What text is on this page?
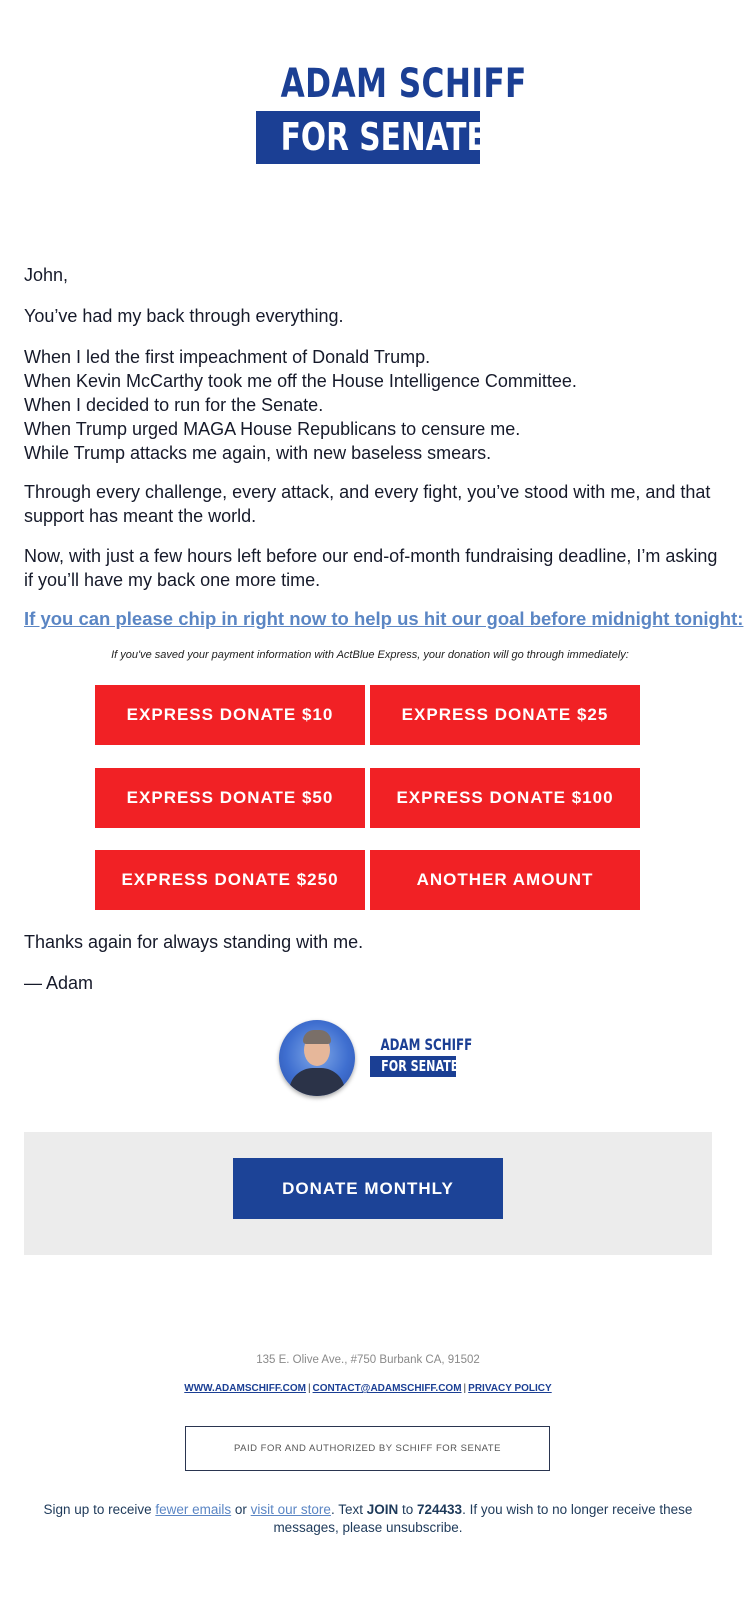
ADAM SCHIFF
FOR SENATE

John,

You’ve had my back through everything.

When I led the first impeachment of Donald Trump.
When Kevin McCarthy took me off the House Intelligence Committee.
When I decided to run for the Senate.
When Trump urged MAGA House Republicans to censure me.
While Trump attacks me again, with new baseless smears.

Through every challenge, every attack, and every fight, you’ve stood with me, and that support has meant the world.

Now, with just a few hours left before our end-of-month fundraising deadline, I’m asking if you’ll have my back one more time.

If you can please chip in right now to help us hit our goal before midnight tonight:
If you've saved your payment information with ActBlue Express, your donation will go through immediately:
EXPRESS DONATE $10	EXPRESS DONATE $25
EXPRESS DONATE $50	EXPRESS DONATE $100
EXPRESS DONATE $250	ANOTHER AMOUNT

Thanks again for always standing with me.

— Adam

ADAM SCHIFF
FOR SENATE
DONATE MONTHLY
135 E. Olive Ave., #750 Burbank CA, 91502
WWW.ADAMSCHIFF.COM | CONTACT@ADAMSCHIFF.COM | PRIVACY POLICY
PAID FOR AND AUTHORIZED BY SCHIFF FOR SENATE
Sign up to receive fewer emails or visit our store. Text JOIN to 724433. If you wish to no longer receive these messages, please unsubscribe.
